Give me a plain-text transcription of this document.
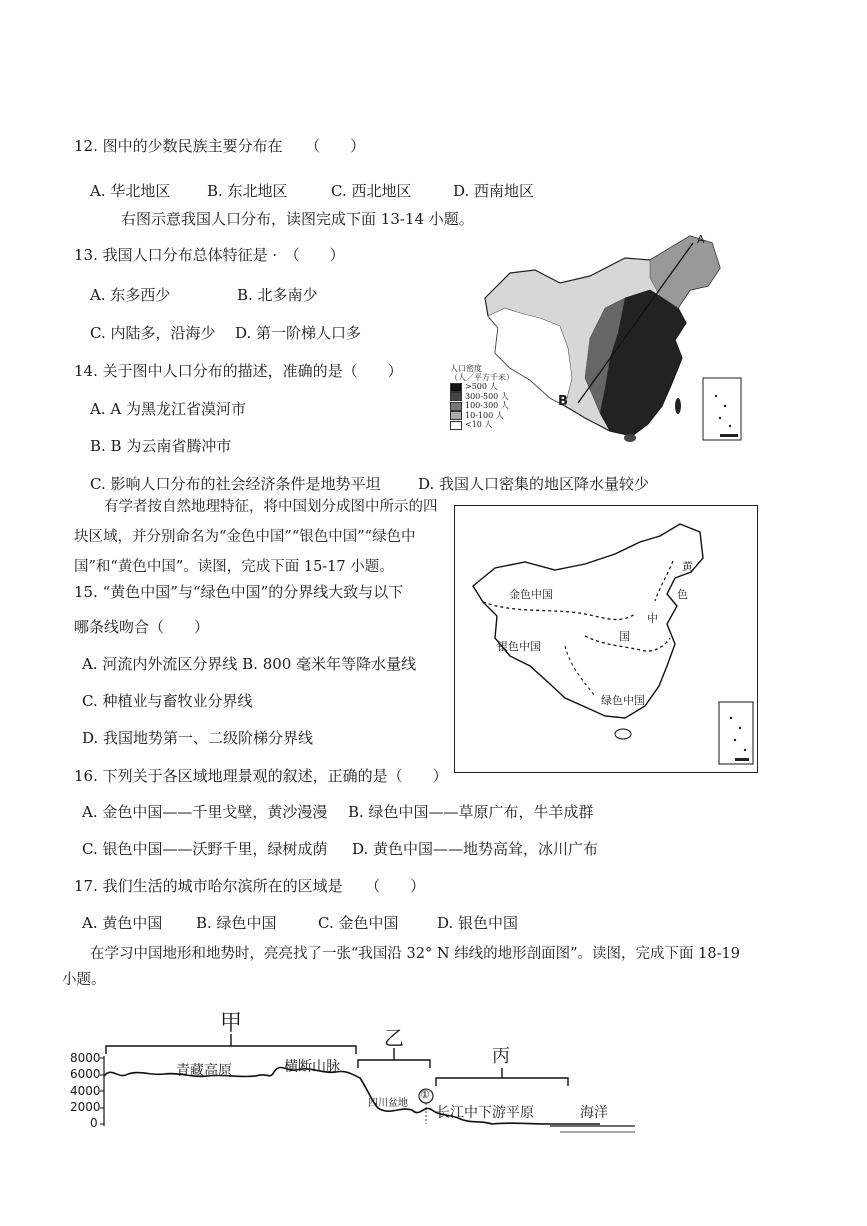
12. 图中的少数民族主要分布在　　（　　）
A. 华北地区 B. 东北地区	C. 西北地区	D. 西南地区
右图示意我国人口分布，读图完成下面 13-14 小题。
13. 我国人口分布总体特征是 ·　（　　）
A. 东多西少	B. 北多南少
C. 内陆多，沿海少 D. 第一阶梯人口多
14. 关于图中人口分布的描述，准确的是（　　）
A. A 为黑龙江省漠河市
B. B 为云南省腾冲市
C. 影响人口分布的社会经济条件是地势平坦	D. 我国人口密集的地区降水量较少
A
B
人口密度
（人／平方千米）
>500 人
300-500 人
100-300 人
10-100 人
<10 人
有学者按自然地理特征，将中国划分成图中所示的四块区域，并分别命名为“金色中国”“银色中国”“绿色中国”和“黄色中国”。读图，完成下面 15-17 小题。
金色中国
银色中国
绿色中国
黄
色
中
国
15. “黄色中国”与“绿色中国”的分界线大致与以下
哪条线吻合（　　）
A. 河流内外流区分界线 B. 800 毫米年等降水量线
C. 种植业与畜牧业分界线
D. 我国地势第一、二级阶梯分界线
16. 下列关于各区域地理景观的叙述，正确的是（　　）
A. 金色中国——千里戈壁，黄沙漫漫 B. 绿色中国——草原广布，牛羊成群
C. 银色中国——沃野千里，绿树成荫 D. 黄色中国——地势高耸，冰川广布
17. 我们生活的城市哈尔滨所在的区域是　　（　　）
A. 黄色中国 B. 绿色中国	C. 金色中国	D. 银色中国
在学习中国地形和地势时，亮亮找了一张“我国沿 32° N 纬线的地形剖面图”。读图，完成下面 18-19
小题。
8000
6000
4000
2000
0
甲
乙
丙
青藏高原	横断山脉
四川盆地
①
长江中下游平原	海洋
